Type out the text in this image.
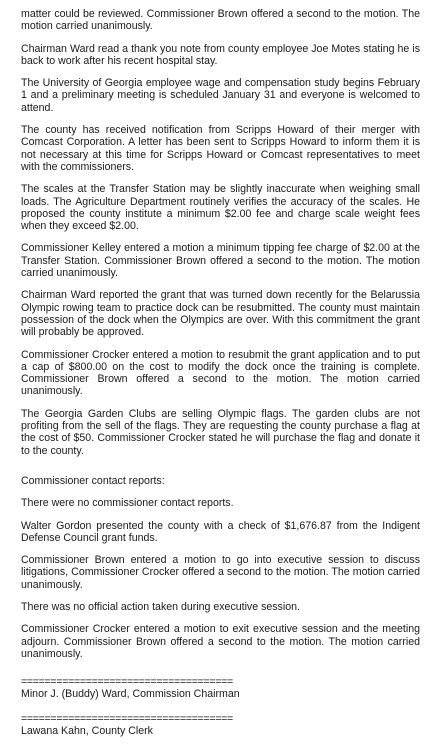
matter could be reviewed. Commissioner Brown offered a second to the motion. The motion carried unanimously.

Chairman Ward read a thank you note from county employee Joe Motes stating he is back to work after his recent hospital stay.

The University of Georgia employee wage and compensation study begins February 1 and a preliminary meeting is scheduled January 31 and everyone is welcomed to attend.

The county has received notification from Scripps Howard of their merger with Comcast Corporation. A letter has been sent to Scripps Howard to inform them it is not necessary at this time for Scripps Howard or Comcast representatives to meet with the commissioners.

The scales at the Transfer Station may be slightly inaccurate when weighing small loads. The Agriculture Department routinely verifies the accuracy of the scales. He proposed the county institute a minimum $2.00 fee and charge scale weight fees when they exceed $2.00.

Commissioner Kelley entered a motion a minimum tipping fee charge of $2.00 at the Transfer Station. Commissioner Brown offered a second to the motion. The motion carried unanimously.

Chairman Ward reported the grant that was turned down recently for the Belarussia Olympic rowing team to practice dock can be resubmitted. The county must maintain possession of the dock when the Olympics are over. With this commitment the grant will probably be approved.

Commissioner Crocker entered a motion to resubmit the grant application and to put a cap of $800.00 on the cost to modify the dock once the training is complete. Commissioner Brown offered a second to the motion. The motion carried unanimously.

The Georgia Garden Clubs are selling Olympic flags. The garden clubs are not profiting from the sell of the flags. They are requesting the county purchase a flag at the cost of $50. Commissioner Crocker stated he will purchase the flag and donate it to the county.

Commissioner contact reports:

There were no commissioner contact reports.

Walter Gordon presented the county with a check of $1,676.87 from the Indigent Defense Council grant funds.

Commissioner Brown entered a motion to go into executive session to discuss litigations, Commissioner Crocker offered a second to the motion. The motion carried unanimously.

There was no official action taken during executive session.

Commissioner Crocker entered a motion to exit executive session and the meeting adjourn. Commissioner Brown offered a second to the motion. The motion carried unanimously.

====================================
Minor J. (Buddy) Ward, Commission Chairman
====================================
Lawana Kahn, County Clerk
